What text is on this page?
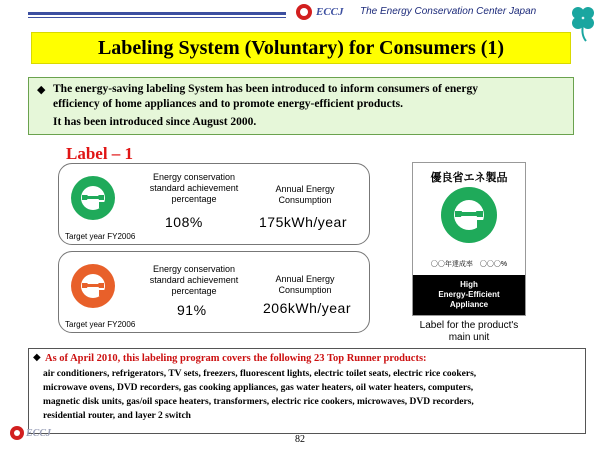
ECCJ The Energy Conservation Center Japan
Labeling System (Voluntary) for Consumers (1)
◆ The energy-saving labeling System has been introduced to inform consumers of energy
efficiency of home appliances and to promote energy-efficient products.
It has been introduced since August 2000.
Label – 1
Energy conservation
standard achievement
percentage
108%
Annual Energy
Consumption
175kWh/year
Target year FY2006
Energy conservation
standard achievement
percentage
91%
Annual Energy
Consumption
206kWh/year
Target year FY2006
優良省エネ製品
〇〇年達成率　〇〇〇%
High
Energy-Efficient
Appliance
Label for the product's
main unit
◆ As of April 2010, this labeling program covers the following 23 Top Runner products:
air conditioners, refrigerators, TV sets, freezers, fluorescent lights, electric toilet seats, electric rice cookers,
microwave ovens, DVD recorders, gas cooking appliances, gas water heaters, oil water heaters, computers,
magnetic disk units, gas/oil space heaters, transformers, electric rice cookers, microwaves, DVD recorders,
residential router, and layer 2 switch
ECCJ
82
